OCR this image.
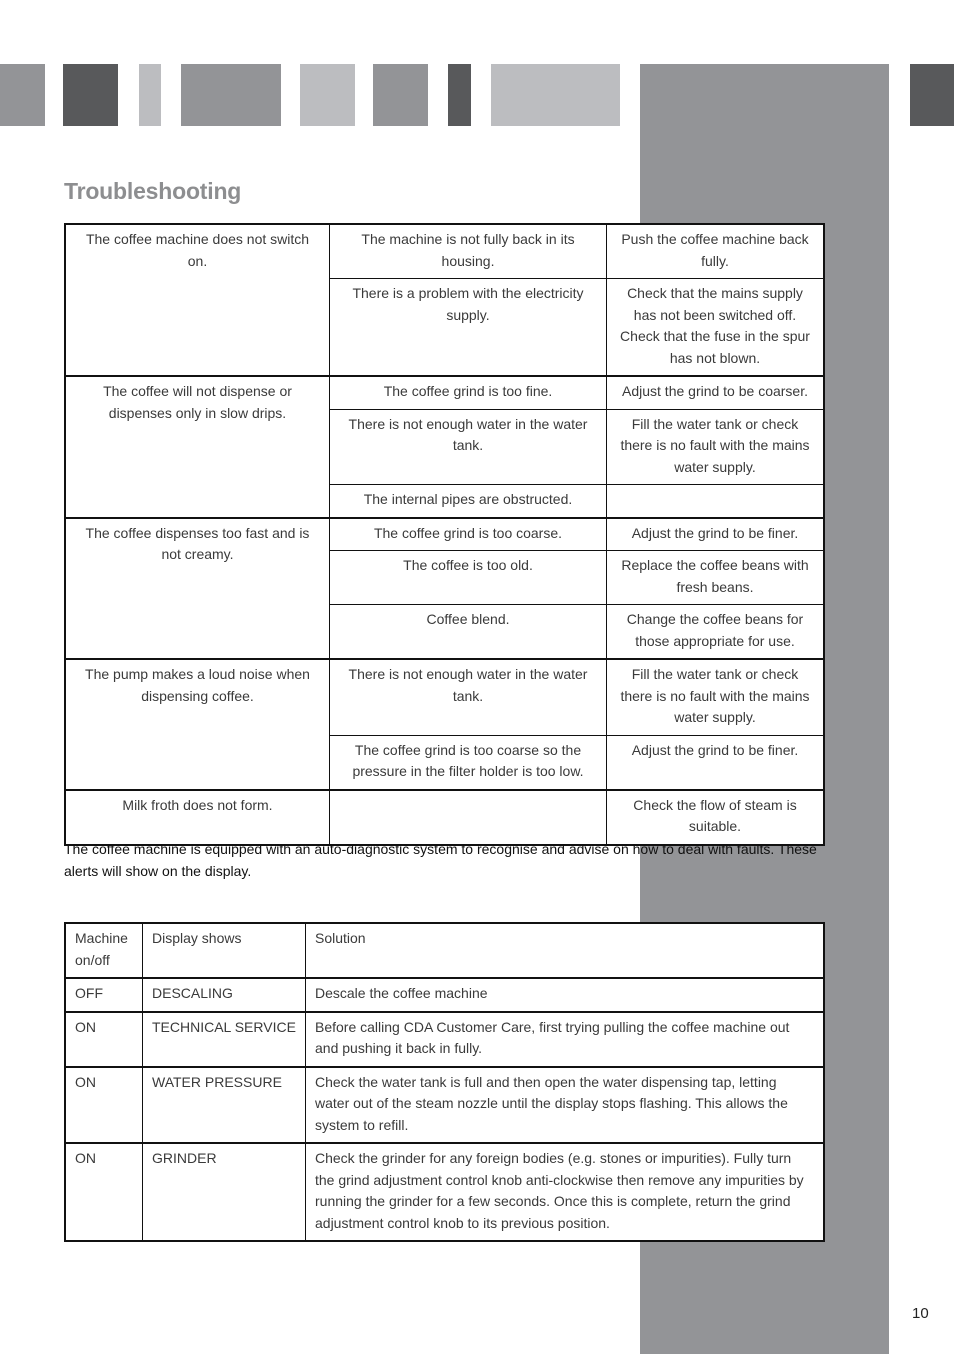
Troubleshooting
The coffee machine does not switch on.	The machine is not fully back in its housing.	Push the coffee machine back fully.
	There is a problem with the electricity supply.	Check that the mains supply has not been switched off. Check that the fuse in the spur has not blown.
The coffee will not dispense or dispenses only in slow drips.	The coffee grind is too fine.	Adjust the grind to be coarser.
	There is not enough water in the water tank.	Fill the water tank or check there is no fault with the mains water supply.
	The internal pipes are obstructed.	
The coffee dispenses too fast and is not creamy.	The coffee grind is too coarse.	Adjust the grind to be finer.
	The coffee is too old.	Replace the coffee beans with fresh beans.
	Coffee blend.	Change the coffee beans for those appropriate for use.
The pump makes a loud noise when dispensing coffee.	There is not enough water in the water tank.	Fill the water tank or check there is no fault with the mains water supply.
	The coffee grind is too coarse so the pressure in the filter holder is too low.	Adjust the grind to be finer.
Milk froth does not form.		Check the flow of steam is suitable.

The coffee machine is equipped with an auto-diagnostic system to recognise and advise on how to deal with faults. These alerts will show on the display.

Machine on/off	Display shows	Solution
OFF	DESCALING	Descale the coffee machine
ON	TECHNICAL SERVICE	Before calling CDA Customer Care, first trying pulling the coffee machine out and pushing it back in fully.
ON	WATER PRESSURE	Check the water tank is full and then open the water dispensing tap, letting water out of the steam nozzle until the display stops flashing. This allows the system to refill.
ON	GRINDER	Check the grinder for any foreign bodies (e.g. stones or impurities). Fully turn the grind adjustment control knob anti-clockwise then remove any impurities by running the grinder for a few seconds. Once this is complete, return the grind adjustment control knob to its previous position.
10
